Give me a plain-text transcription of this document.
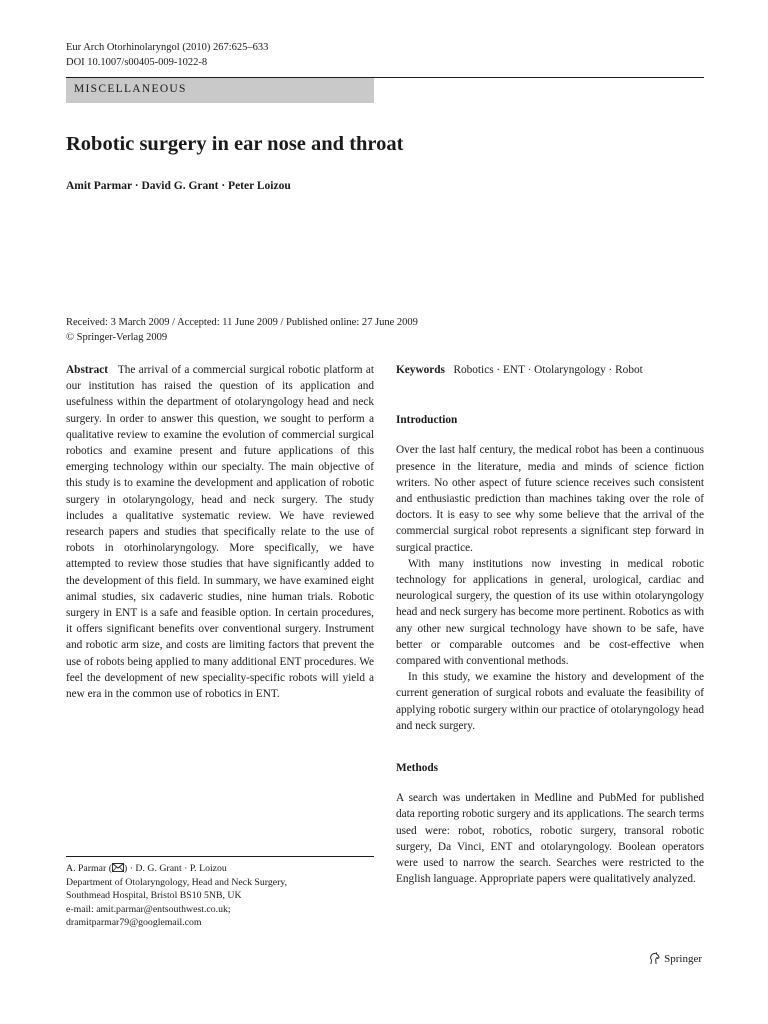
Eur Arch Otorhinolaryngol (2010) 267:625–633
DOI 10.1007/s00405-009-1022-8
MISCELLANEOUS
Robotic surgery in ear nose and throat
Amit Parmar · David G. Grant · Peter Loizou
Received: 3 March 2009 / Accepted: 11 June 2009 / Published online: 27 June 2009
© Springer-Verlag 2009

Abstract The arrival of a commercial surgical robotic platform at our institution has raised the question of its application and usefulness within the department of otolaryngology head and neck surgery. In order to answer this question, we sought to perform a qualitative review to examine the evolution of commercial surgical robotics and examine present and future applications of this emerging technology within our specialty. The main objective of this study is to examine the development and application of robotic surgery in otolaryngology, head and neck surgery. The study includes a qualitative systematic review. We have reviewed research papers and studies that specifically relate to the use of robots in otorhinolaryngology. More specifically, we have attempted to review those studies that have significantly added to the development of this field. In summary, we have examined eight animal studies, six cadaveric studies, nine human trials. Robotic surgery in ENT is a safe and feasible option. In certain procedures, it offers significant benefits over conventional surgery. Instrument and robotic arm size, and costs are limiting factors that prevent the use of robots being applied to many additional ENT procedures. We feel the development of new speciality-specific robots will yield a new era in the common use of robotics in ENT.

Keywords Robotics · ENT · Otolaryngology · Robot

Introduction

Over the last half century, the medical robot has been a continuous presence in the literature, media and minds of science fiction writers. No other aspect of future science receives such consistent and enthusiastic prediction than machines taking over the role of doctors. It is easy to see why some believe that the arrival of the commercial surgical robot represents a significant step forward in surgical practice.

With many institutions now investing in medical robotic technology for applications in general, urological, cardiac and neurological surgery, the question of its use within otolaryngology head and neck surgery has become more pertinent. Robotics as with any other new surgical technology have shown to be safe, have better or comparable outcomes and be cost-effective when compared with conventional methods.

In this study, we examine the history and development of the current generation of surgical robots and evaluate the feasibility of applying robotic surgery within our practice of otolaryngology head and neck surgery.

Methods

A search was undertaken in Medline and PubMed for published data reporting robotic surgery and its applications. The search terms used were: robot, robotics, robotic surgery, transoral robotic surgery, Da Vinci, ENT and otolaryngology. Boolean operators were used to narrow the search. Searches were restricted to the English language. Appropriate papers were qualitatively analyzed.

A. Parmar ( ) · D. G. Grant · P. Loizou
Department of Otolaryngology, Head and Neck Surgery,
Southmead Hospital, Bristol BS10 5NB, UK
e-mail: amit.parmar@entsouthwest.co.uk;
dramitparmar79@googlemail.com
Springer
